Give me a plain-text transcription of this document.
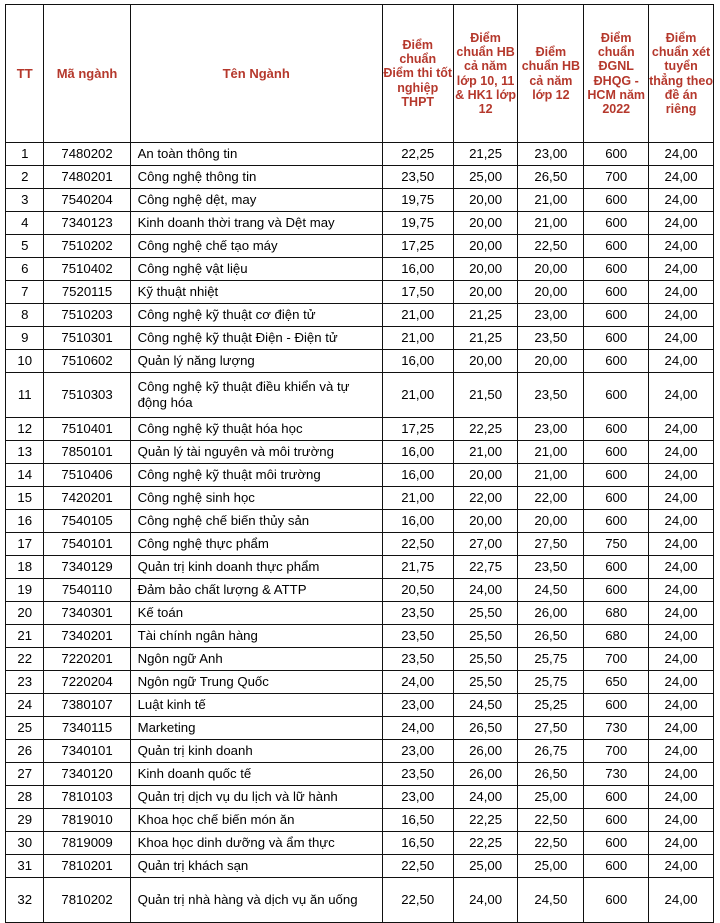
TT	Mã ngành	Tên Ngành	Điểm chuẩn Điểm thi tốt nghiệp THPT	Điểm chuẩn HB cả năm lớp 10, 11 & HK1 lớp 12	Điểm chuẩn HB cả năm lớp 12	Điểm chuẩn ĐGNL ĐHQG -HCM năm 2022	Điểm chuẩn xét tuyển thẳng theo đề án riêng
1	7480202	An toàn thông tin	22,25	21,25	23,00	600	24,00
2	7480201	Công nghệ thông tin	23,50	25,00	26,50	700	24,00
3	7540204	Công nghệ dệt, may	19,75	20,00	21,00	600	24,00
4	7340123	Kinh doanh thời trang và Dệt may	19,75	20,00	21,00	600	24,00
5	7510202	Công nghệ chế tạo máy	17,25	20,00	22,50	600	24,00
6	7510402	Công nghệ vật liệu	16,00	20,00	20,00	600	24,00
7	7520115	Kỹ thuật nhiệt	17,50	20,00	20,00	600	24,00
8	7510203	Công nghệ kỹ thuật cơ điện tử	21,00	21,25	23,00	600	24,00
9	7510301	Công nghệ kỹ thuật Điện - Điện tử	21,00	21,25	23,50	600	24,00
10	7510602	Quản lý năng lượng	16,00	20,00	20,00	600	24,00
11	7510303	Công nghệ kỹ thuật điều khiển và tự động hóa	21,00	21,50	23,50	600	24,00
12	7510401	Công nghệ kỹ thuật hóa học	17,25	22,25	23,00	600	24,00
13	7850101	Quản lý tài nguyên và môi trường	16,00	21,00	21,00	600	24,00
14	7510406	Công nghệ kỹ thuật môi trường	16,00	20,00	21,00	600	24,00
15	7420201	Công nghệ sinh học	21,00	22,00	22,00	600	24,00
16	7540105	Công nghệ chế biến thủy sản	16,00	20,00	20,00	600	24,00
17	7540101	Công nghệ thực phẩm	22,50	27,00	27,50	750	24,00
18	7340129	Quản trị kinh doanh thực phẩm	21,75	22,75	23,50	600	24,00
19	7540110	Đảm bảo chất lượng & ATTP	20,50	24,00	24,50	600	24,00
20	7340301	Kế toán	23,50	25,50	26,00	680	24,00
21	7340201	Tài chính ngân hàng	23,50	25,50	26,50	680	24,00
22	7220201	Ngôn ngữ Anh	23,50	25,50	25,75	700	24,00
23	7220204	Ngôn ngữ Trung Quốc	24,00	25,50	25,75	650	24,00
24	7380107	Luật kinh tế	23,00	24,50	25,25	600	24,00
25	7340115	Marketing	24,00	26,50	27,50	730	24,00
26	7340101	Quản trị kinh doanh	23,00	26,00	26,75	700	24,00
27	7340120	Kinh doanh quốc tế	23,50	26,00	26,50	730	24,00
28	7810103	Quản trị dịch vụ du lịch và lữ hành	23,00	24,00	25,00	600	24,00
29	7819010	Khoa học chế biến món ăn	16,50	22,25	22,50	600	24,00
30	7819009	Khoa học dinh dưỡng và ẩm thực	16,50	22,25	22,50	600	24,00
31	7810201	Quản trị khách sạn	22,50	25,00	25,00	600	24,00
32	7810202	Quản trị nhà hàng và dịch vụ ăn uống	22,50	24,00	24,50	600	24,00
